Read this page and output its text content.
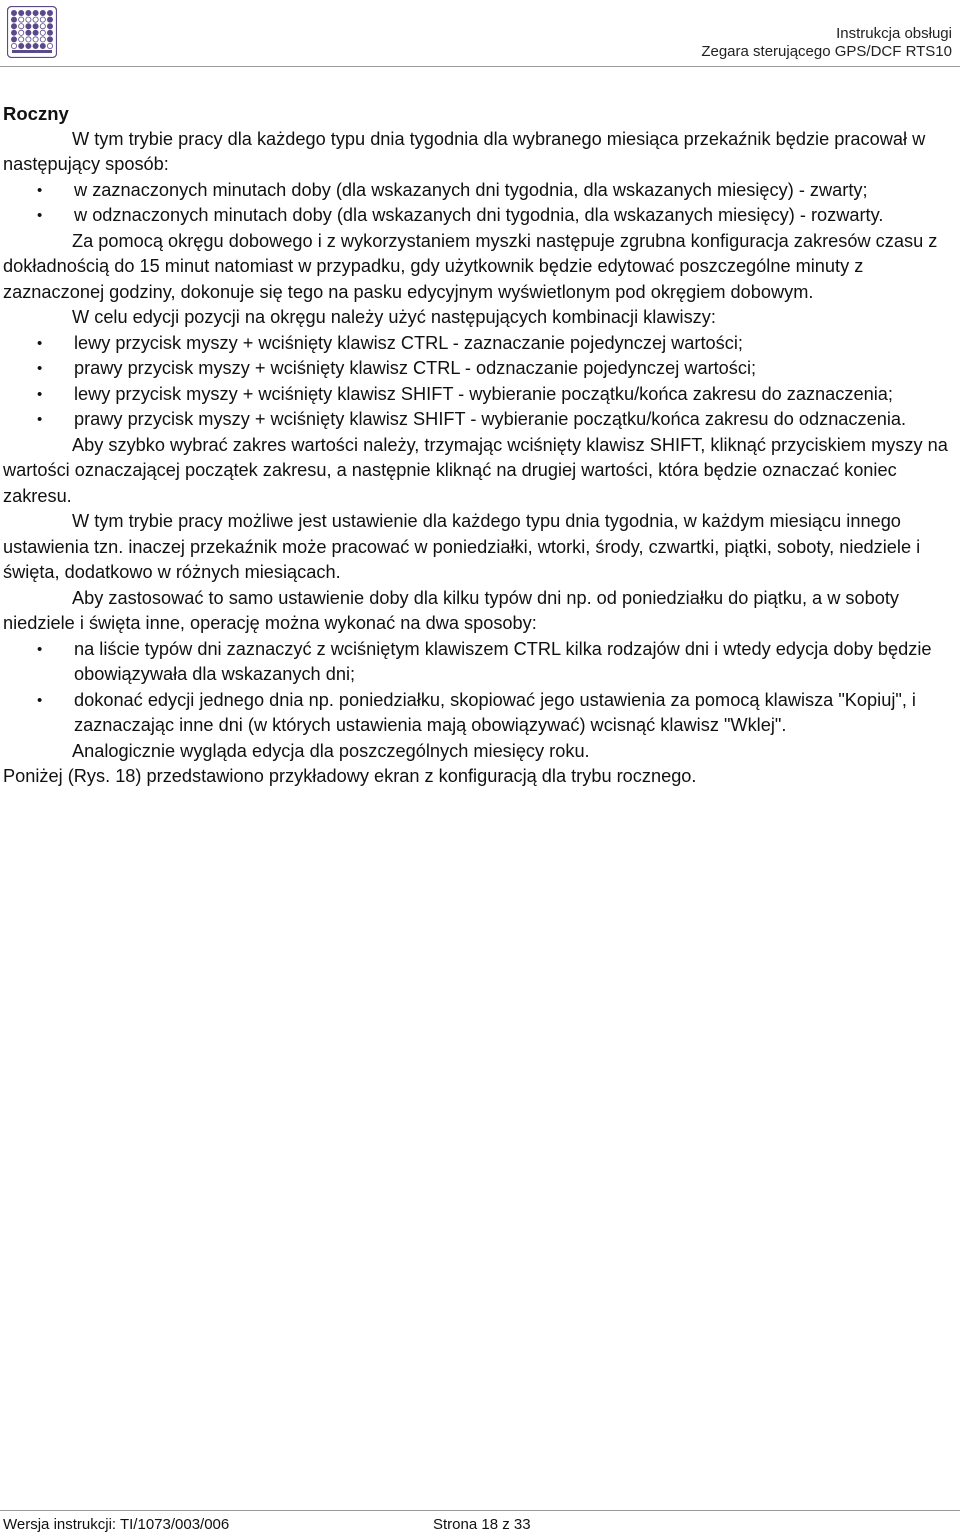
Instrukcja obsługi
Zegara sterującego GPS/DCF RTS10
Roczny

W tym trybie pracy dla każdego typu dnia tygodnia dla wybranego miesiąca przekaźnik będzie pracował w następujący sposób:

• w zaznaczonych minutach doby (dla wskazanych dni tygodnia, dla wskazanych miesięcy) - zwarty;
• w odznaczonych minutach doby (dla wskazanych dni tygodnia, dla wskazanych miesięcy) - rozwarty.

Za pomocą okręgu dobowego i z wykorzystaniem myszki następuje zgrubna konfiguracja zakresów czasu z dokładnością do 15 minut natomiast w przypadku, gdy użytkownik będzie edytować poszczególne minuty z zaznaczonej godziny, dokonuje się tego na pasku edycyjnym wyświetlonym pod okręgiem dobowym.

W celu edycji pozycji na okręgu należy użyć następujących kombinacji klawiszy:

• lewy przycisk myszy + wciśnięty klawisz CTRL - zaznaczanie pojedynczej wartości;
• prawy przycisk myszy + wciśnięty klawisz CTRL - odznaczanie pojedynczej wartości;
• lewy przycisk myszy + wciśnięty klawisz SHIFT - wybieranie początku/końca zakresu do zaznaczenia;
• prawy przycisk myszy + wciśnięty klawisz SHIFT - wybieranie początku/końca zakresu do odznaczenia.

Aby szybko wybrać zakres wartości należy, trzymając wciśnięty klawisz SHIFT, kliknąć przyciskiem myszy na wartości oznaczającej początek zakresu, a następnie kliknąć na drugiej wartości, która będzie oznaczać koniec zakresu.

W tym trybie pracy możliwe jest ustawienie dla każdego typu dnia tygodnia, w każdym miesiącu innego ustawienia tzn. inaczej przekaźnik może pracować w poniedziałki, wtorki, środy, czwartki, piątki, soboty, niedziele i święta, dodatkowo w różnych miesiącach.

Aby zastosować to samo ustawienie doby dla kilku typów dni np. od poniedziałku do piątku, a w soboty niedziele i święta inne, operację można wykonać na dwa sposoby:

• na liście typów dni zaznaczyć z wciśniętym klawiszem CTRL kilka rodzajów dni i wtedy edycja doby będzie obowiązywała dla wskazanych dni;
• dokonać edycji jednego dnia np. poniedziałku, skopiować jego ustawienia za pomocą klawisza "Kopiuj", i zaznaczając inne dni (w których ustawienia mają obowiązywać) wcisnąć klawisz "Wklej".

Analogicznie wygląda edycja dla poszczególnych miesięcy roku.

Poniżej (Rys. 18) przedstawiono przykładowy ekran z konfiguracją dla trybu rocznego.

Wersja instrukcji: TI/1073/003/006	Strona 18 z 33
